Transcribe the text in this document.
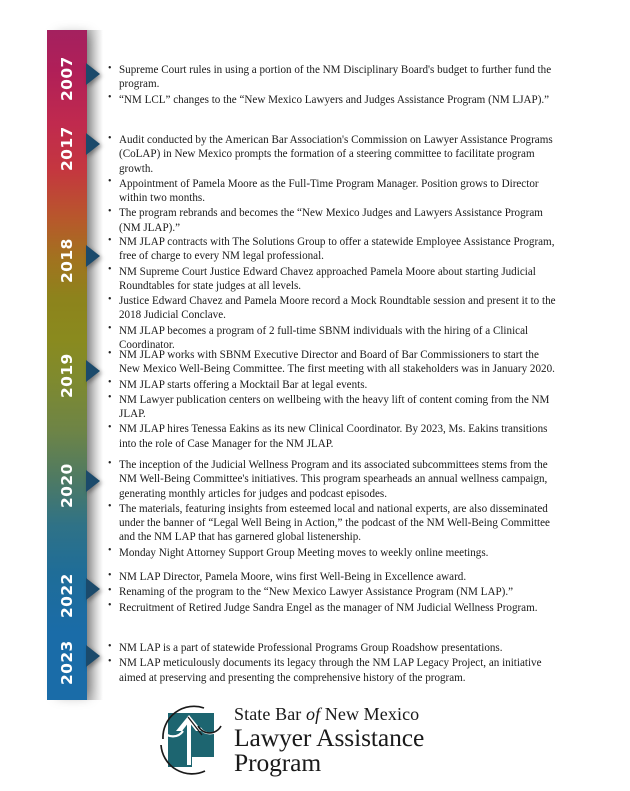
2007
2017
2018
2019
2020
2022
2023
• Supreme Court rules in using a portion of the NM Disciplinary Board's budget to further fund the program.
• “NM LCL” changes to the “New Mexico Lawyers and Judges Assistance Program (NM LJAP).”
• Audit conducted by the American Bar Association's Commission on Lawyer Assistance Programs (CoLAP) in New Mexico prompts the formation of a steering committee to facilitate program growth.
• Appointment of Pamela Moore as the Full-Time Program Manager. Position grows to Director within two months.
• The program rebrands and becomes the “New Mexico Judges and Lawyers Assistance Program (NM JLAP).”
• NM JLAP contracts with The Solutions Group to offer a statewide Employee Assistance Program, free of charge to every NM legal professional.
• NM Supreme Court Justice Edward Chavez approached Pamela Moore about starting Judicial Roundtables for state judges at all levels.
• Justice Edward Chavez and Pamela Moore record a Mock Roundtable session and present it to the 2018 Judicial Conclave.
• NM JLAP becomes a program of 2 full-time SBNM individuals with the hiring of a Clinical Coordinator.
• NM JLAP works with SBNM Executive Director and Board of Bar Commissioners to start the New Mexico Well-Being Committee. The first meeting with all stakeholders was in January 2020.
• NM JLAP starts offering a Mocktail Bar at legal events.
• NM Lawyer publication centers on wellbeing with the heavy lift of content coming from the NM JLAP.
• NM JLAP hires Tenessa Eakins as its new Clinical Coordinator. By 2023, Ms. Eakins transitions into the role of Case Manager for the NM JLAP.
• The inception of the Judicial Wellness Program and its associated subcommittees stems from the NM Well-Being Committee's initiatives. This program spearheads an annual wellness campaign, generating monthly articles for judges and podcast episodes.
• The materials, featuring insights from esteemed local and national experts, are also disseminated under the banner of “Legal Well Being in Action,” the podcast of the NM Well-Being Committee and the NM LAP that has garnered global listenership.
• Monday Night Attorney Support Group Meeting moves to weekly online meetings.
• NM LAP Director, Pamela Moore, wins first Well-Being in Excellence award.
• Renaming of the program to the “New Mexico Lawyer Assistance Program (NM LAP).”
• Recruitment of Retired Judge Sandra Engel as the manager of NM Judicial Wellness Program.
• NM LAP is a part of statewide Professional Programs Group Roadshow presentations.
• NM LAP meticulously documents its legacy through the NM LAP Legacy Project, an initiative aimed at preserving and presenting the comprehensive history of the program.
State Bar of New Mexico
Lawyer Assistance Program
